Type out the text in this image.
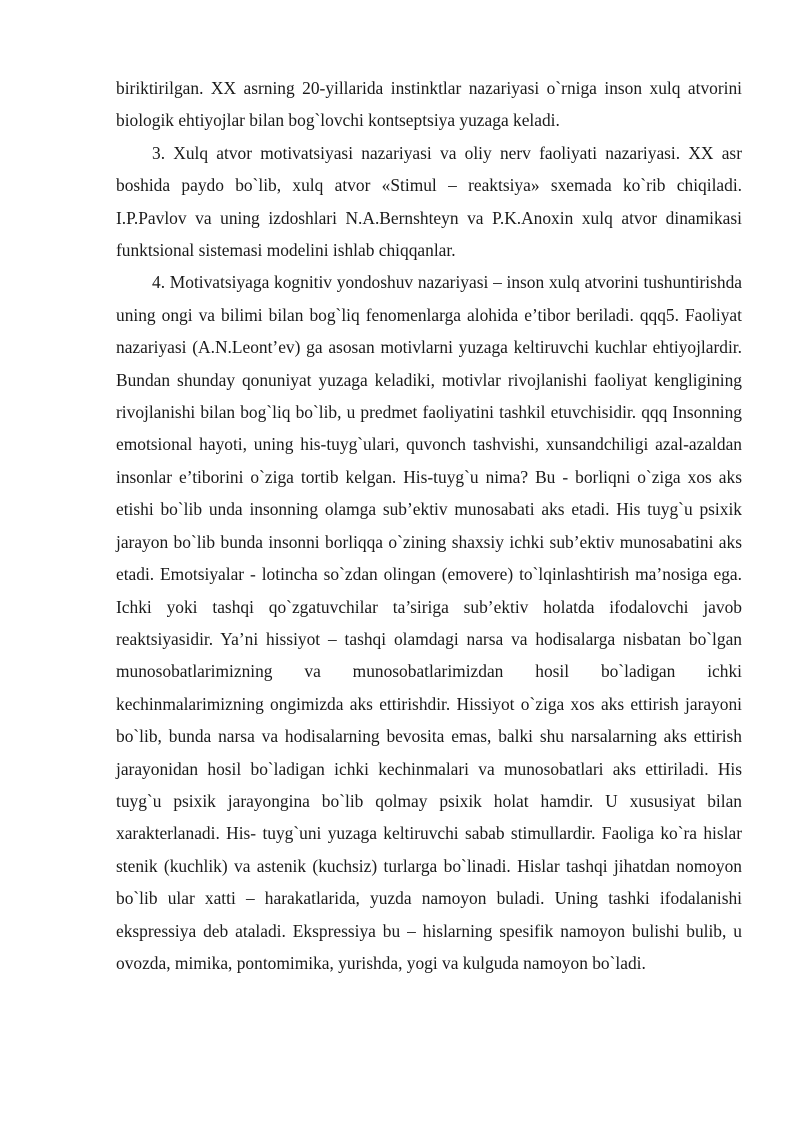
biriktirilgan. XX asrning 20-yillarida instinktlar nazariyasi o`rniga inson xulq atvorini biologik ehtiyojlar bilan bog`lovchi kontseptsiya yuzaga keladi.

3. Xulq atvor motivatsiyasi nazariyasi va oliy nerv faoliyati nazariyasi. XX asr boshida paydo bo`lib, xulq atvor «Stimul – reaktsiya» sxemada ko`rib chiqiladi. I.P.Pavlov va uning izdoshlari N.A.Bernshteyn va P.K.Anoxin xulq atvor dinamikasi funktsional sistemasi modelini ishlab chiqqanlar.

4. Motivatsiyaga kognitiv yondoshuv nazariyasi – inson xulq atvorini tushuntirishda uning ongi va bilimi bilan bog`liq fenomenlarga alohida e’tibor beriladi. qqq5. Faoliyat nazariyasi (A.N.Leont’ev) ga asosan motivlarni yuzaga keltiruvchi kuchlar ehtiyojlardir. Bundan shunday qonuniyat yuzaga keladiki, motivlar rivojlanishi faoliyat kengligining rivojlanishi bilan bog`liq bo`lib, u predmet faoliyatini tashkil etuvchisidir. qqq Insonning emotsional hayoti, uning his-tuyg`ulari, quvonch tashvishi, xunsandchiligi azal-azaldan insonlar e’tiborini o`ziga tortib kelgan. His-tuyg`u nima? Bu - borliqni o`ziga xos aks etishi bo`lib unda insonning olamga sub’ektiv munosabati aks etadi. His tuyg`u psixik jarayon bo`lib bunda insonni borliqqa o`zining shaxsiy ichki sub’ektiv munosabatini aks etadi. Emotsiyalar - lotincha so`zdan olingan (emovere) to`lqinlashtirish ma’nosiga ega. Ichki yoki tashqi qo`zgatuvchilar ta’siriga sub’ektiv holatda ifodalovchi javob reaktsiyasidir. Ya’ni hissiyot – tashqi olamdagi narsa va hodisalarga nisbatan bo`lgan munosobatlarimizning va munosobatlarimizdan hosil bo`ladigan ichki kechinmalarimizning ongimizda aks ettirishdir. Hissiyot o`ziga xos aks ettirish jarayoni bo`lib, bunda narsa va hodisalarning bevosita emas, balki shu narsalarning aks ettirish jarayonidan hosil bo`ladigan ichki kechinmalari va munosobatlari aks ettiriladi. His tuyg`u psixik jarayongina bo`lib qolmay psixik holat hamdir. U xususiyat bilan xarakterlanadi. His- tuyg`uni yuzaga keltiruvchi sabab stimullardir. Faoliga ko`ra hislar stenik (kuchlik) va astenik (kuchsiz) turlarga bo`linadi. Hislar tashqi jihatdan nomoyon bo`lib ular xatti – harakatlarida, yuzda namoyon buladi. Uning tashki ifodalanishi ekspressiya deb ataladi. Ekspressiya bu – hislarning spesifik namoyon bulishi bulib, u ovozda, mimika, pontomimika, yurishda, yogi va kulguda namoyon bo`ladi.
